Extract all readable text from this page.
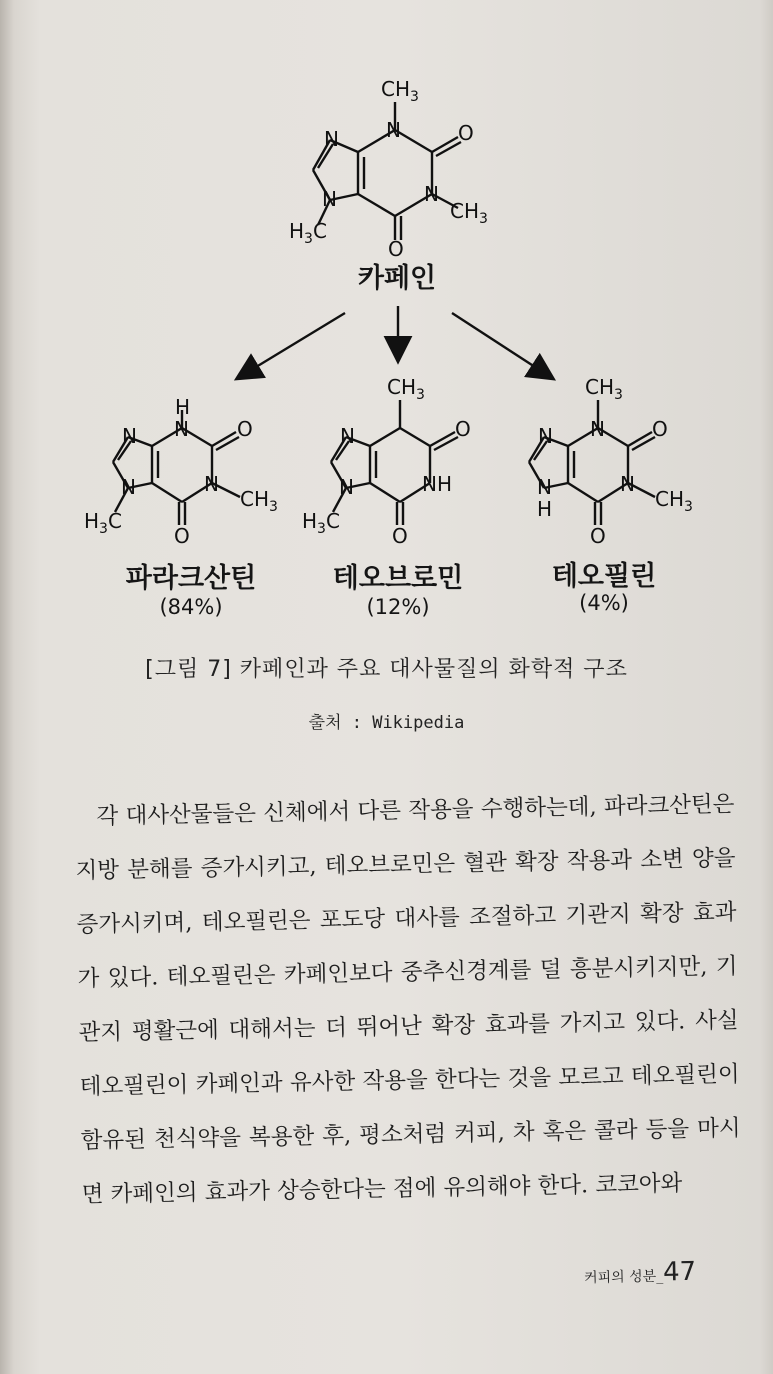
$CH_3$
N	O
N
$CH_3$
N
N
$H_3C$
O
H
N O
N
$CH_3$
N
N
$H_3C$
O
$CH_3$
O
NH
N
N
$H_3C$
O
$CH_3$
N O
N
$CH_3$
N
N
H
O
카페인
파라크산틴
(84%)
테오브로민
(12%)
테오필린
(4%)
[그림 7] 카페인과 주요 대사물질의 화학적 구조
출처 : Wikipedia

각 대사산물들은 신체에서 다른 작용을 수행하는데, 파라크산틴은 지방 분해를 증가시키고, 테오브로민은 혈관 확장 작용과 소변 양을 증가시키며, 테오필린은 포도당 대사를 조절하고 기관지 확장 효과가 있다. 테오필린은 카페인보다 중추신경계를 덜 흥분시키지만, 기관지 평활근에 대해서는 더 뛰어난 확장 효과를 가지고 있다. 사실 테오필린이 카페인과 유사한 작용을 한다는 것을 모르고 테오필린이 함유된 천식약을 복용한 후, 평소처럼 커피, 차 혹은 콜라 등을 마시면 카페인의 효과가 상승한다는 점에 유의해야 한다. 코코아와

커피의 성분_47
